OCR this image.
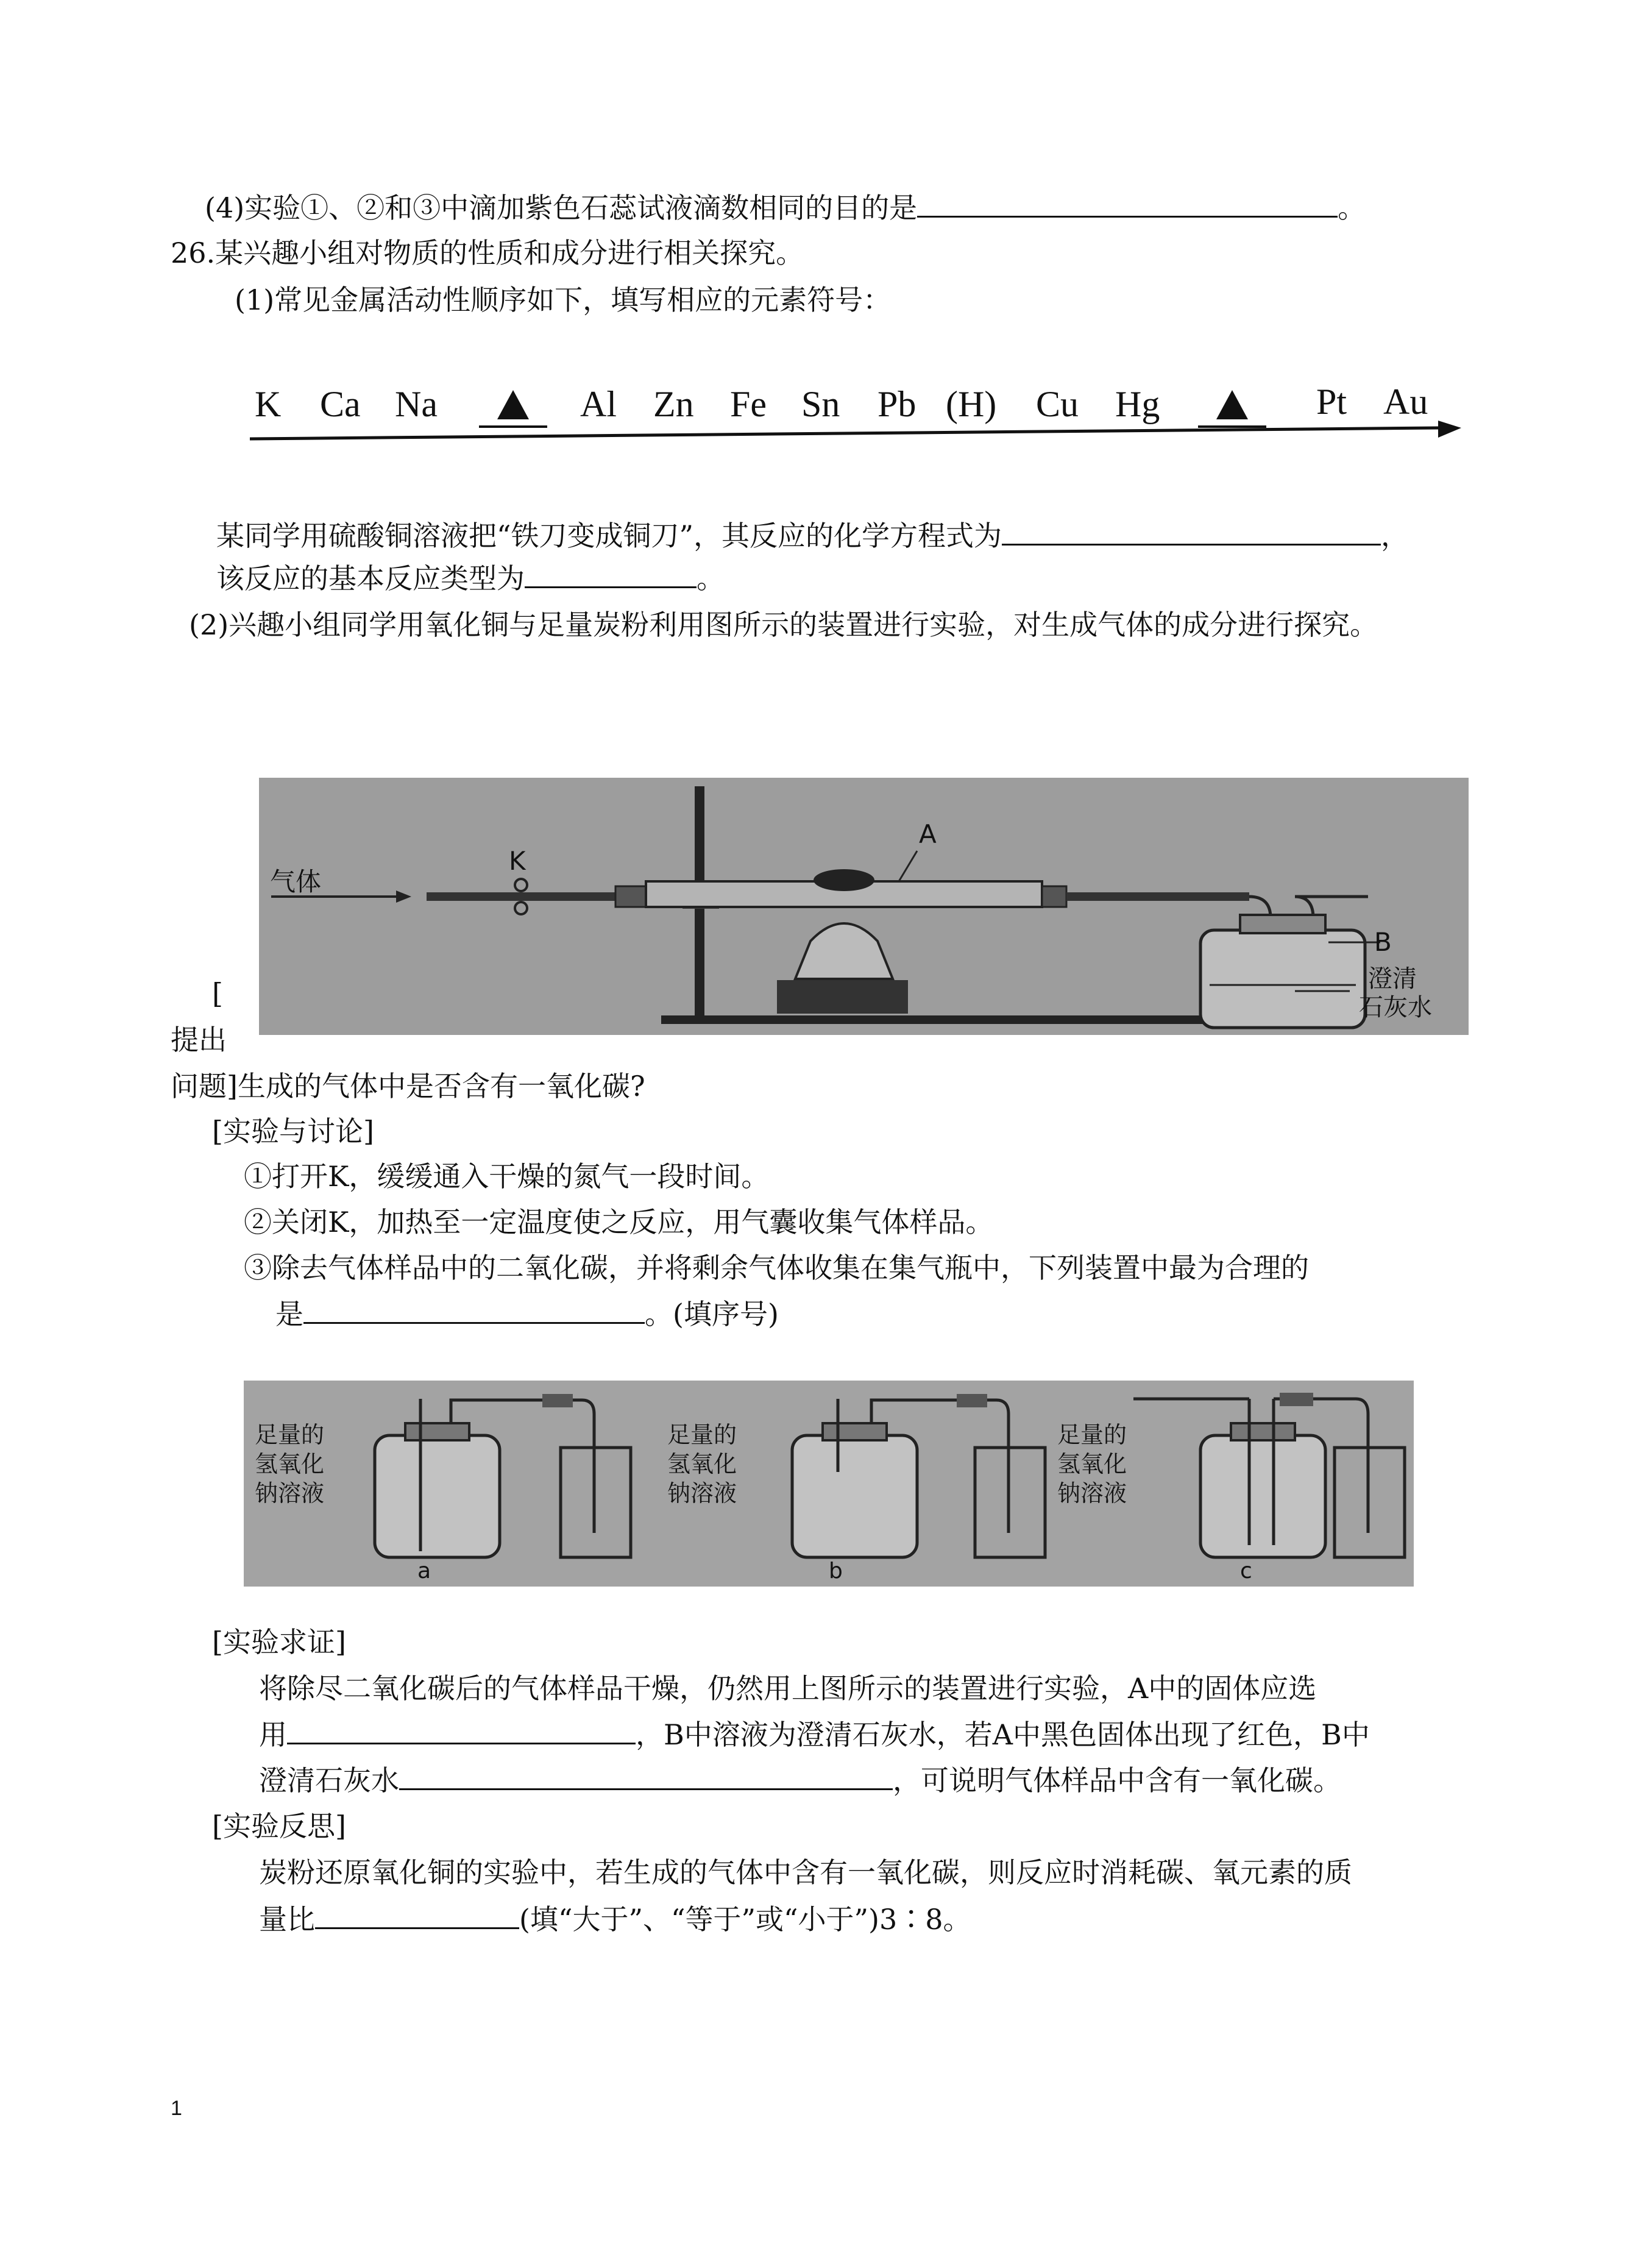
(4)实验①、②和③中滴加紫色石蕊试液滴数相同的目的是	。
26.某兴趣小组对物质的性质和成分进行相关探究。
(1)常见金属活动性顺序如下，填写相应的元素符号：
K Ca Na	Al Zn Fe Sn Pb (H) Cu Hg	Pt Au
某同学用硫酸铜溶液把“铁刀变成铜刀”，其反应的化学方程式为	，
该反应的基本反应类型为	。
(2)兴趣小组同学用氧化铜与足量炭粉利用图所示的装置进行实验，对生成气体的成分进行探究。
气体
K
A
B
澄清
石灰水
[
提出
问题]生成的气体中是否含有一氧化碳?
[实验与讨论]
①打开K，缓缓通入干燥的氮气一段时间。
②关闭K，加热至一定温度使之反应，用气囊收集气体样品。
③除去气体样品中的二氧化碳，并将剩余气体收集在集气瓶中，下列装置中最为合理的
是	。(填序号)
足量的
氢氧化
钠溶液
足量的
氢氧化
钠溶液
足量的
氢氧化
钠溶液
a	b	c
[实验求证]
将除尽二氧化碳后的气体样品干燥，仍然用上图所示的装置进行实验，A中的固体应选
用	，B中溶液为澄清石灰水，若A中黑色固体出现了红色，B中
澄清石灰水	，可说明气体样品中含有一氧化碳。
[实验反思]
炭粉还原氧化铜的实验中，若生成的气体中含有一氧化碳，则反应时消耗碳、氧元素的质
量比	(填“大于”、“等于”或“小于”)3∶8。
1
